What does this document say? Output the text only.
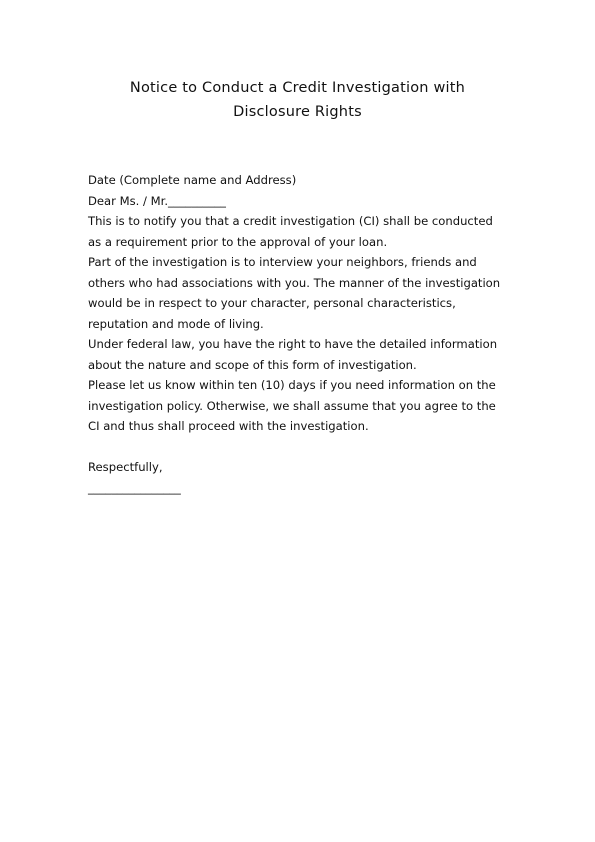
Notice to Conduct a Credit Investigation with
Disclosure Rights
Date (Complete name and Address)
Dear Ms. / Mr.__________
This is to notify you that a credit investigation (CI) shall be conducted
as a requirement prior to the approval of your loan.
Part of the investigation is to interview your neighbors, friends and
others who had associations with you. The manner of the investigation
would be in respect to your character, personal characteristics,
reputation and mode of living.
Under federal law, you have the right to have the detailed information
about the nature and scope of this form of investigation.
Please let us know within ten (10) days if you need information on the
investigation policy. Otherwise, we shall assume that you agree to the
CI and thus shall proceed with the investigation.
Respectfully,
________________
